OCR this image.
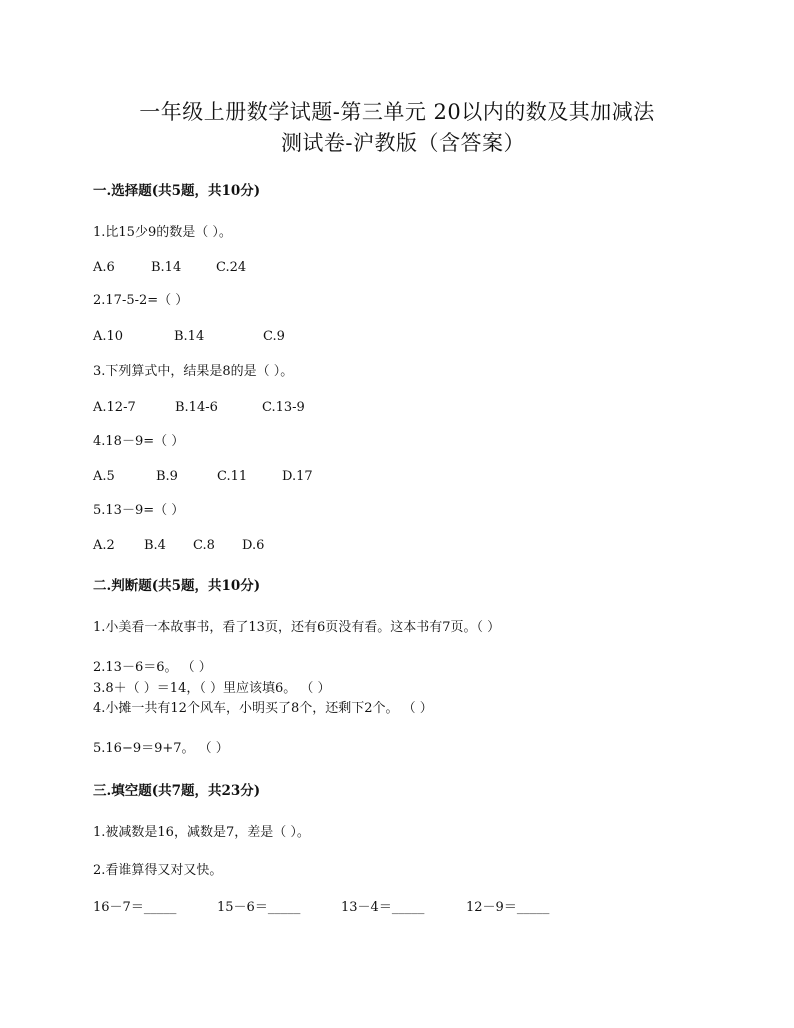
一年级上册数学试题-第三单元 20以内的数及其加减法
测试卷-沪教版（含答案）
一.选择题(共5题，共10分)
1.比15少9的数是（ ）。
A.6	B.14	C.24
2.17-5-2=（ ）
A.10	B.14	C.9
3.下列算式中，结果是8的是（ ）。
A.12-7	B.14-6	C.13-9
4.18－9=（ ）
A.5	B.9	C.11	D.17
5.13－9=（ ）
A.2 B.4 C.8 D.6
二.判断题(共5题，共10分)
1.小美看一本故事书，看了13页，还有6页没有看。这本书有7页。（ ）
2.13－6＝6。 （ ）
3.8＋（ ）＝14，（ ）里应该填6。 （ ）
4.小摊一共有12个风车，小明买了8个，还剩下2个。 （ ）
5.16−9＝9+7。 （ ）
三.填空题(共7题，共23分)
1.被减数是16，减数是7，差是（ ）。
2.看谁算得又对又快。
16－7＝_____	15－6＝_____	13－4＝_____	12－9＝_____
